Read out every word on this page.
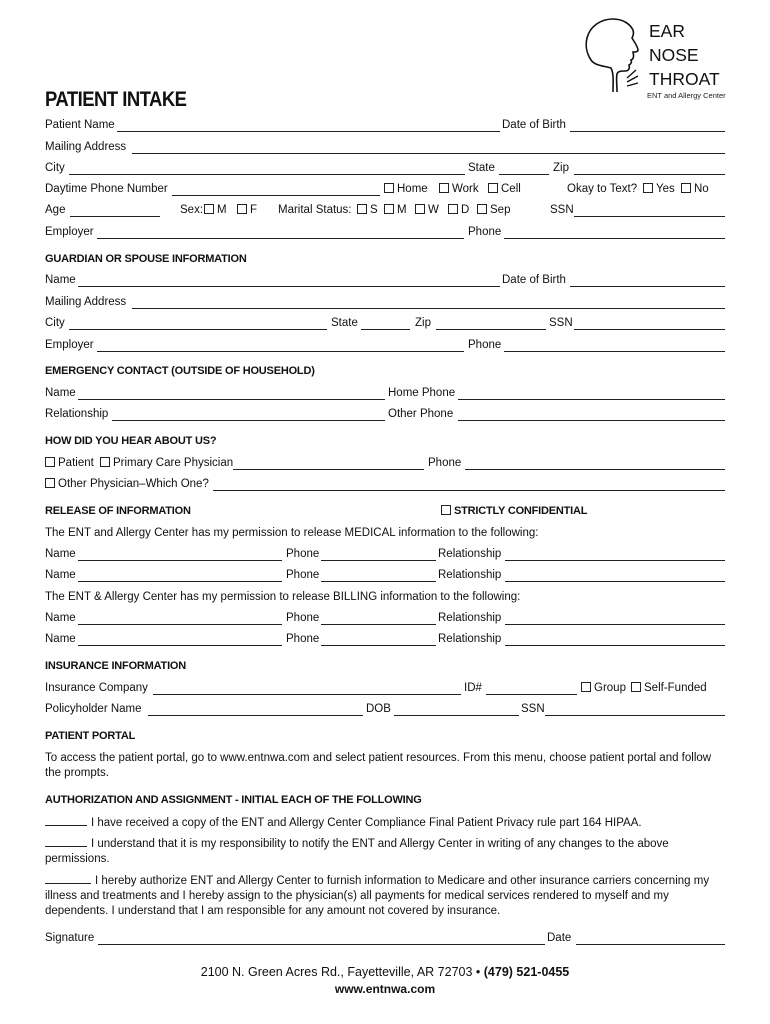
EAR
NOSE
THROAT
ENT and Allergy Center
PATIENT INTAKE
Patient Name	Date of Birth
Mailing Address
City	State	Zip
Daytime Phone Number	Home	Work	Cell	Okay to Text?	Yes	No
Age	Sex:	M	F Marital Status:	S	M	W	D	Sep	SSN
Employer	Phone
GUARDIAN OR SPOUSE INFORMATION
Name	Date of Birth
Mailing Address
City	State	Zip	SSN
Employer	Phone
EMERGENCY CONTACT (OUTSIDE OF HOUSEHOLD)
Name	Home Phone
Relationship	Other Phone
HOW DID YOU HEAR ABOUT US?
Patient	Primary Care Physician	Phone
Other Physician–Which One?
RELEASE OF INFORMATION	STRICTLY CONFIDENTIAL
The ENT and Allergy Center has my permission to release MEDICAL information to the following:
Name	Phone	Relationship
Name	Phone	Relationship
The ENT & Allergy Center has my permission to release BILLING information to the following:
Name	Phone	Relationship
Name	Phone	Relationship
INSURANCE INFORMATION
Insurance Company	ID#	Group	Self-Funded
Policyholder Name	DOB	SSN
PATIENT PORTAL
To access the patient portal, go to www.entnwa.com and select patient resources. From this menu, choose patient portal and follow the prompts.
AUTHORIZATION AND ASSIGNMENT - INITIAL EACH OF THE FOLLOWING
I have received a copy of the ENT and Allergy Center Compliance Final Patient Privacy rule part 164 HIPAA.
I understand that it is my responsibility to notify the ENT and Allergy Center in writing of any changes to the above permissions.
I hereby authorize ENT and Allergy Center to furnish information to Medicare and other insurance carriers concerning my illness and treatments and I hereby assign to the physician(s) all payments for medical services rendered to myself and my dependents. I understand that I am responsible for any amount not covered by insurance.
Signature	Date
2100 N. Green Acres Rd., Fayetteville, AR 72703 • (479) 521-0455
www.entnwa.com
